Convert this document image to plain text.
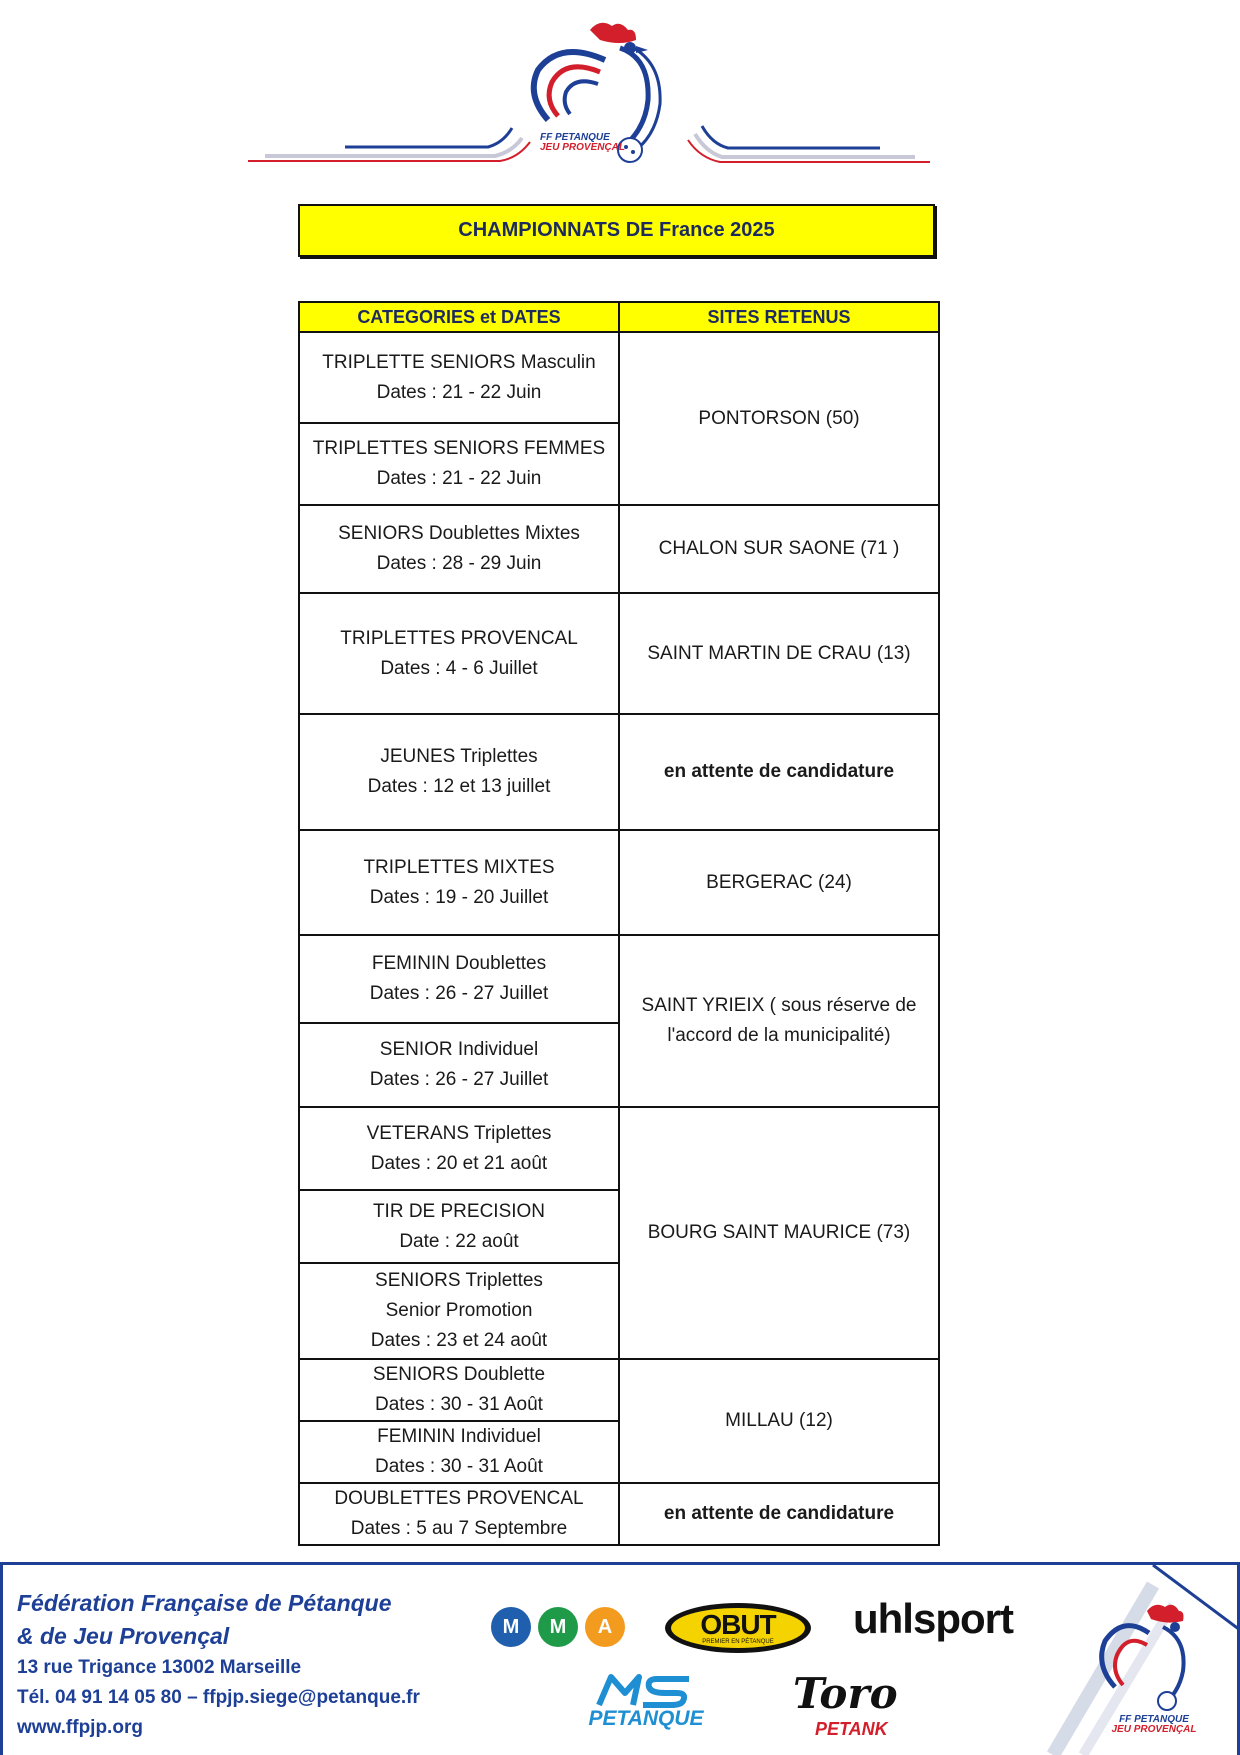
FF PETANQUE
JEU PROVENÇAL
CHAMPIONNATS DE France 2025
CATEGORIES et DATES	SITES RETENUS

TRIPLETTE SENIORS Masculin
Dates : 21 - 22 Juin	PONTORSON (50)

TRIPLETTES SENIORS FEMMES
Dates : 21 - 22 Juin	

SENIORS Doublettes Mixtes
Dates : 28 - 29 Juin	CHALON SUR SAONE (71 )

TRIPLETTES PROVENCAL
Dates : 4 - 6 Juillet	SAINT MARTIN DE CRAU (13)

JEUNES Triplettes
Dates : 12 et 13 juillet	en attente de candidature

TRIPLETTES MIXTES
Dates : 19 - 20 Juillet	BERGERAC (24)

FEMININ Doublettes
Dates : 26 - 27 Juillet	SAINT YRIEIX ( sous réserve de
l'accord de la municipalité)

SENIOR Individuel
Dates : 26 - 27 Juillet	

VETERANS Triplettes
Dates : 20 et 21 août	BOURG SAINT MAURICE (73)

TIR DE PRECISION
Date : 22 août	

SENIORS Triplettes
Senior Promotion
Dates : 23 et 24 août	

SENIORS Doublette
Dates : 30 - 31 Août	MILLAU (12)

FEMININ Individuel
Dates : 30 - 31 Août	

DOUBLETTES PROVENCAL
Dates : 5 au 7 Septembre	en attente de candidature
Fédération Française de Pétanque
& de Jeu Provençal
13 rue Trigance 13002 Marseille
Tél. 04 91 14 05 80 – ffpjp.siege@petanque.fr
www.ffpjp.org
M	M	A	OBUT
PREMIER EN PÉTANQUE uhlsport
PETANQUE
Toro
PETANK	FF PETANQUE
JEU PROVENÇAL
